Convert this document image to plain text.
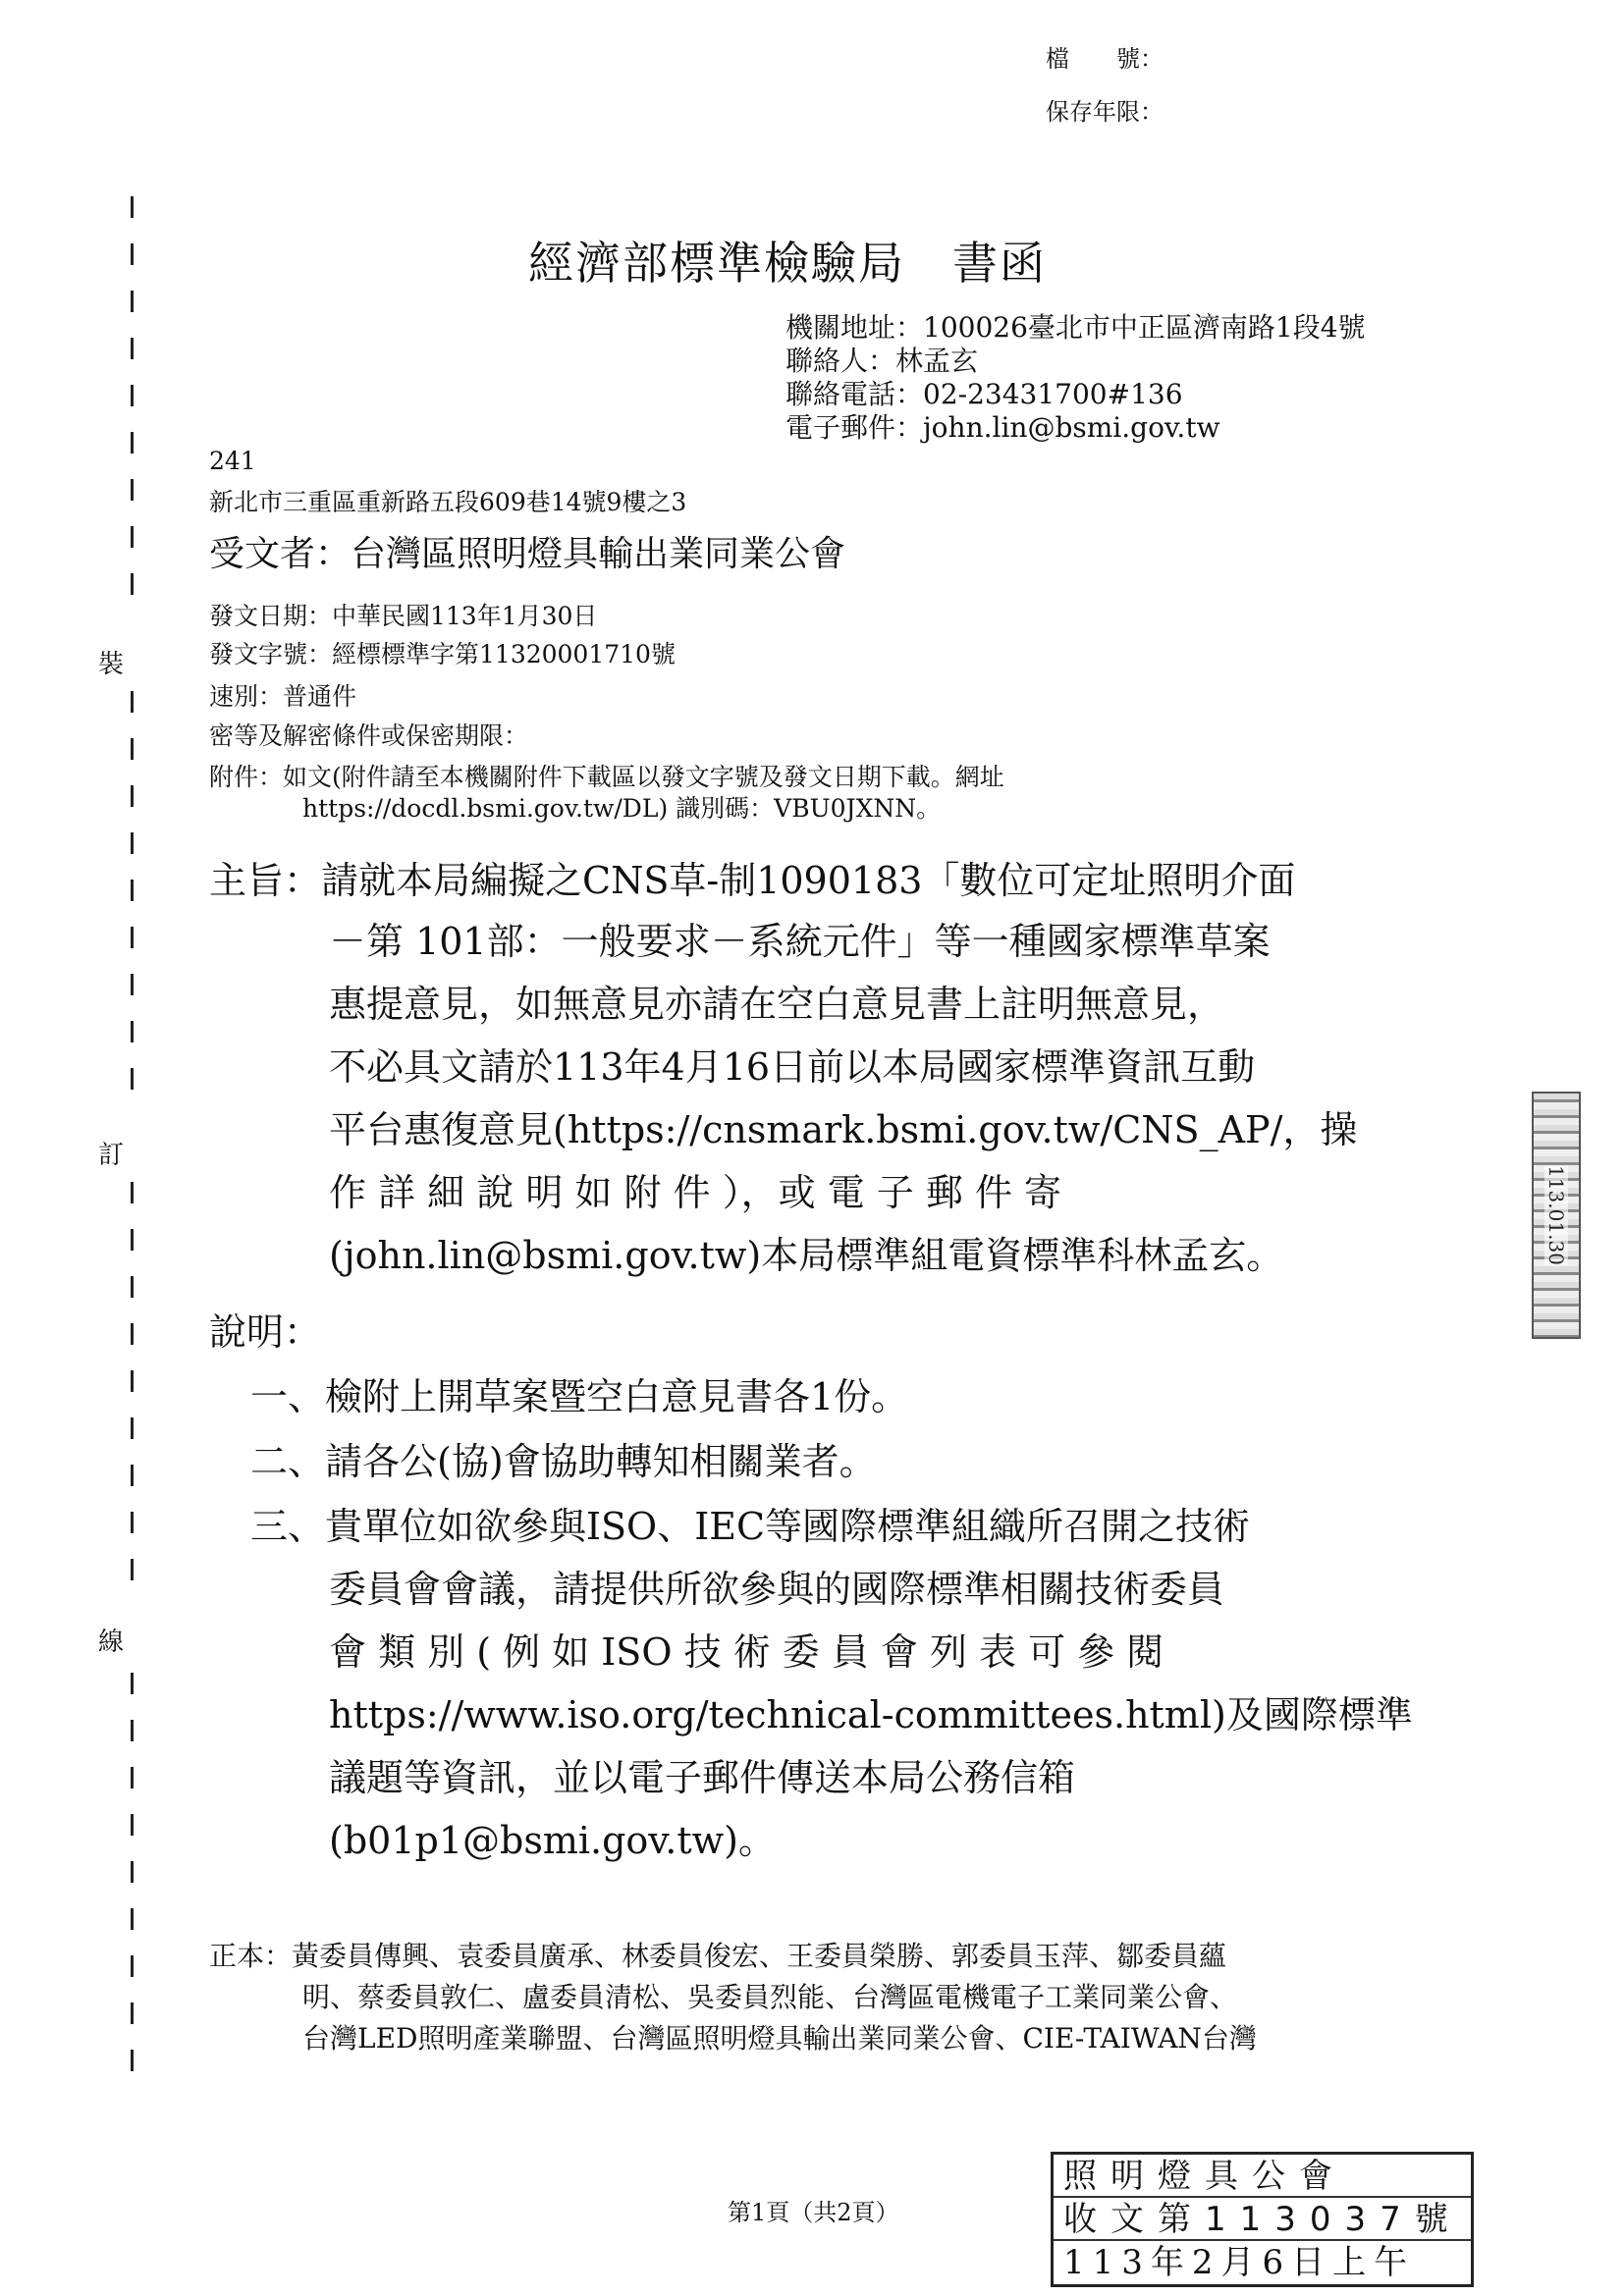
檔　　號：
保存年限：
經濟部標準檢驗局　書函
機關地址：100026臺北市中正區濟南路1段4號
聯絡人：林孟玄
聯絡電話：02-23431700#136
電子郵件：john.lin@bsmi.gov.tw
241
新北市三重區重新路五段609巷14號9樓之3
受文者：台灣區照明燈具輸出業同業公會
發文日期：中華民國113年1月30日
發文字號：經標標準字第11320001710號
速別：普通件
密等及解密條件或保密期限：
附件：如文(附件請至本機關附件下載區以發文字號及發文日期下載。網址
https://docdl.bsmi.gov.tw/DL) 識別碼：VBU0JXNN。
主旨：請就本局編擬之CNS草-制1090183「數位可定址照明介面
－第 101部：一般要求－系統元件」等一種國家標準草案
惠提意見，如無意見亦請在空白意見書上註明無意見，
不必具文請於113年4月16日前以本局國家標準資訊互動
平台惠復意見(https://cnsmark.bsmi.gov.tw/CNS_AP/，操
作 詳 細 說 明 如 附 件 ），或 電 子 郵 件 寄
(john.lin@bsmi.gov.tw)本局標準組電資標準科林孟玄。
說明：
一、檢附上開草案暨空白意見書各1份。
二、請各公(協)會協助轉知相關業者。
三、貴單位如欲參與ISO、IEC等國際標準組織所召開之技術
委員會會議，請提供所欲參與的國際標準相關技術委員
會 類 別 ( 例 如 ISO 技 術 委 員 會 列 表 可 參 閱
https://www.iso.org/technical-committees.html)及國際標準
議題等資訊，並以電子郵件傳送本局公務信箱
(b01p1@bsmi.gov.tw)。
正本：黃委員傳興、袁委員廣承、林委員俊宏、王委員榮勝、郭委員玉萍、鄒委員蘊
明、蔡委員敦仁、盧委員清松、吳委員烈能、台灣區電機電子工業同業公會、
台灣LED照明產業聯盟、台灣區照明燈具輸出業同業公會、CIE-TAIWAN台灣
裝
訂
線
113.01.30
照明燈具公會
收文第113037號
113年2月6日上午
第1頁（共2頁）
